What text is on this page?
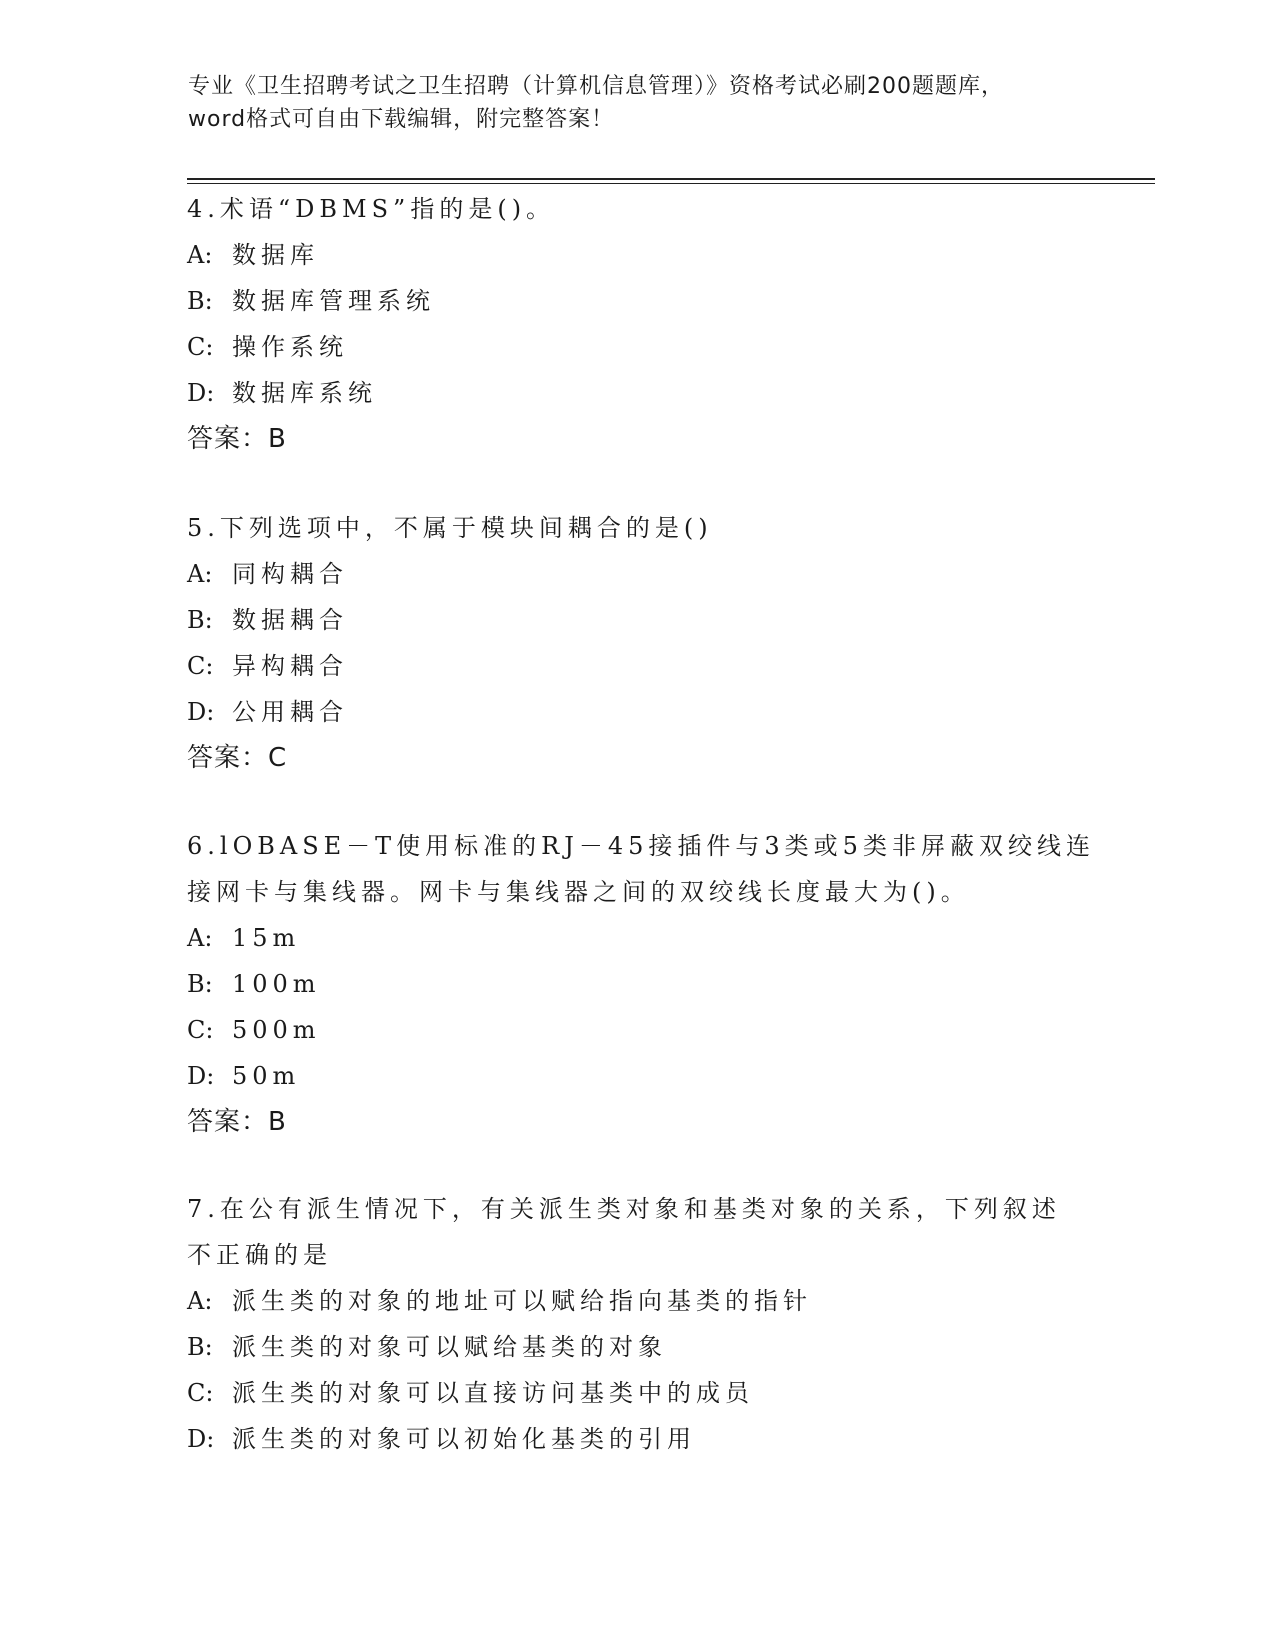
专业《卫生招聘考试之卫生招聘（计算机信息管理）》资格考试必刷200题题库，
word格式可自由下载编辑，附完整答案！
4.术语“DBMS”指的是()。
A: 数据库
B: 数据库管理系统
C: 操作系统
D: 数据库系统
答案：B
5.下列选项中，不属于模块间耦合的是()
A: 同构耦合
B: 数据耦合
C: 异构耦合
D: 公用耦合
答案：C
6.lOBASE－T使用标准的RJ－45接插件与3类或5类非屏蔽双绞线连
接网卡与集线器。网卡与集线器之间的双绞线长度最大为()。
A: 15m
B: 100m
C: 500m
D: 50m
答案：B
7.在公有派生情况下，有关派生类对象和基类对象的关系，下列叙述
不正确的是
A: 派生类的对象的地址可以赋给指向基类的指针
B: 派生类的对象可以赋给基类的对象
C: 派生类的对象可以直接访问基类中的成员
D: 派生类的对象可以初始化基类的引用
